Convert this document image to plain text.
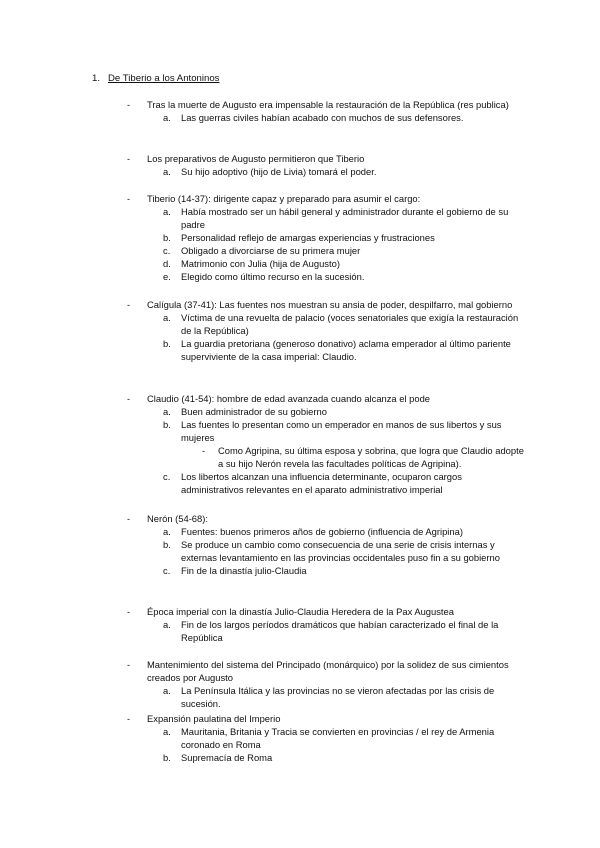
1. De Tiberio a los Antoninos
- Tras la muerte de Augusto era impensable la restauración de la República (res publica)
a. Las guerras civiles habían acabado con muchos de sus defensores.
- Los preparativos de Augusto permitieron que Tiberio
a. Su hijo adoptivo (hijo de Livia) tomará el poder.
- Tiberio (14-37): dirigente capaz y preparado para asumir el cargo:
a. Había mostrado ser un hábil general y administrador durante el gobierno de su padre
b. Personalidad reflejo de amargas experiencias y frustraciones
c. Obligado a divorciarse de su primera mujer
d. Matrimonio con Julia (hija de Augusto)
e. Elegido como último recurso en la sucesión.
- Calígula (37-41): Las fuentes nos muestran su ansia de poder, despilfarro, mal gobierno
a. Víctima de una revuelta de palacio (voces senatoriales que exigía la restauración de la República)
b. La guardia pretoriana (generoso donativo) aclama emperador al último pariente superviviente de la casa imperial: Claudio.
- Claudio (41-54): hombre de edad avanzada cuando alcanza el pode
a. Buen administrador de su gobierno
b. Las fuentes lo presentan como un emperador en manos de sus libertos y sus mujeres
- Como Agripina, su última esposa y sobrina, que logra que Claudio adopte a su hijo Nerón revela las facultades políticas de Agripina).
c. Los libertos alcanzan una influencia determinante, ocuparon cargos administrativos relevantes en el aparato administrativo imperial
- Nerón (54-68):
a. Fuentes: buenos primeros años de gobierno (influencia de Agripina)
b. Se produce un cambio como consecuencia de una serie de crisis internas y externas levantamiento en las provincias occidentales puso fin a su gobierno
c. Fin de la dinastía julio-Claudia
- Época imperial con la dinastía Julio-Claudia Heredera de la Pax Augustea
a. Fin de los largos períodos dramáticos que habían caracterizado el final de la República
- Mantenimiento del sistema del Principado (monárquico) por la solidez de sus cimientos creados por Augusto
a. La Península Itálica y las provincias no se vieron afectadas por las crisis de sucesión.
- Expansión paulatina del Imperio
a. Mauritania, Britania y Tracia se convierten en provincias / el rey de Armenia coronado en Roma
b. Supremacía de Roma
